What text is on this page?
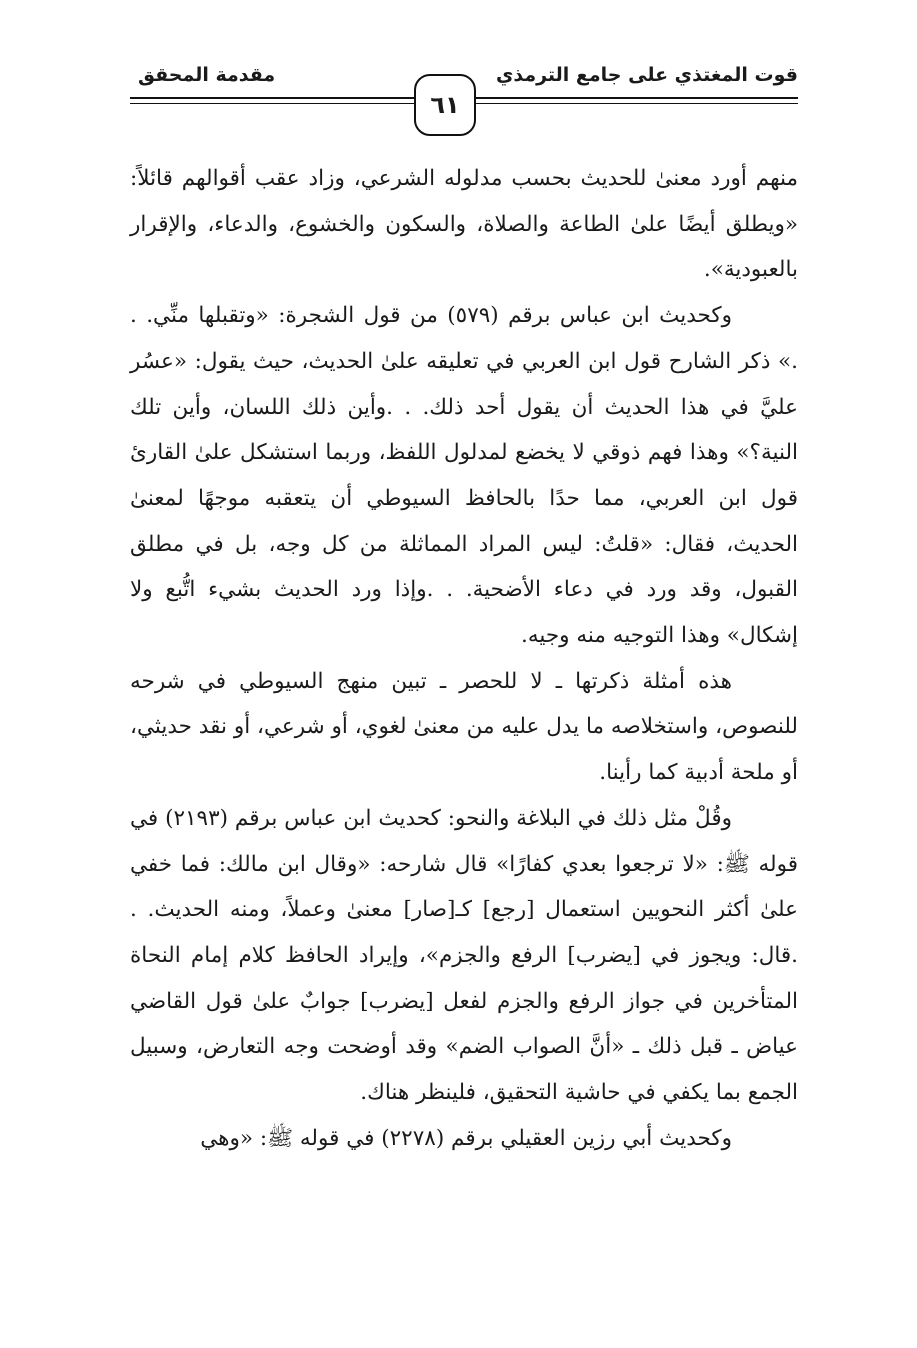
قوت المغتذي على جامع الترمذي
مقدمة المحقق
٦١

منهم أورد معنىٰ للحديث بحسب مدلوله الشرعي، وزاد عقب أقوالهم قائلاً: «ويطلق أيضًا علىٰ الطاعة والصلاة، والسكون والخشوع، والدعاء، والإقرار بالعبودية».

وكحديث ابن عباس برقم (٥٧٩) من قول الشجرة: «وتقبلها منِّي. . .» ذكر الشارح قول ابن العربي في تعليقه علىٰ الحديث، حيث يقول: «عسُر عليَّ في هذا الحديث أن يقول أحد ذلك. . .وأين ذلك اللسان، وأين تلك النية؟» وهذا فهم ذوقي لا يخضع لمدلول اللفظ، وربما استشكل علىٰ القارئ قول ابن العربي، مما حدًا بالحافظ السيوطي أن يتعقبه موجهًا لمعنىٰ الحديث، فقال: «قلتُ: ليس المراد المماثلة من كل وجه، بل في مطلق القبول، وقد ورد في دعاء الأضحية. . .وإذا ورد الحديث بشيء اتُّبع ولا إشكال» وهذا التوجيه منه وجيه.

هذه أمثلة ذكرتها ـ لا للحصر ـ تبين منهج السيوطي في شرحه للنصوص، واستخلاصه ما يدل عليه من معنىٰ لغوي، أو شرعي، أو نقد حديثي، أو ملحة أدبية كما رأينا.

وقُلْ مثل ذلك في البلاغة والنحو: كحديث ابن عباس برقم (٢١٩٣) في قوله ﷺ: «لا ترجعوا بعدي كفارًا» قال شارحه: «وقال ابن مالك: فما خفي علىٰ أكثر النحويين استعمال [رجع] كـ[صار] معنىٰ وعملاً، ومنه الحديث. . .قال: ويجوز في [يضرب] الرفع والجزم»، وإيراد الحافظ كلام إمام النحاة المتأخرين في جواز الرفع والجزم لفعل [يضرب] جوابٌ علىٰ قول القاضي عياض ـ قبل ذلك ـ «أنَّ الصواب الضم» وقد أوضحت وجه التعارض، وسبيل الجمع بما يكفي في حاشية التحقيق، فلينظر هناك.

وكحديث أبي رزين العقيلي برقم (٢٢٧٨) في قوله ﷺ: «وهي
